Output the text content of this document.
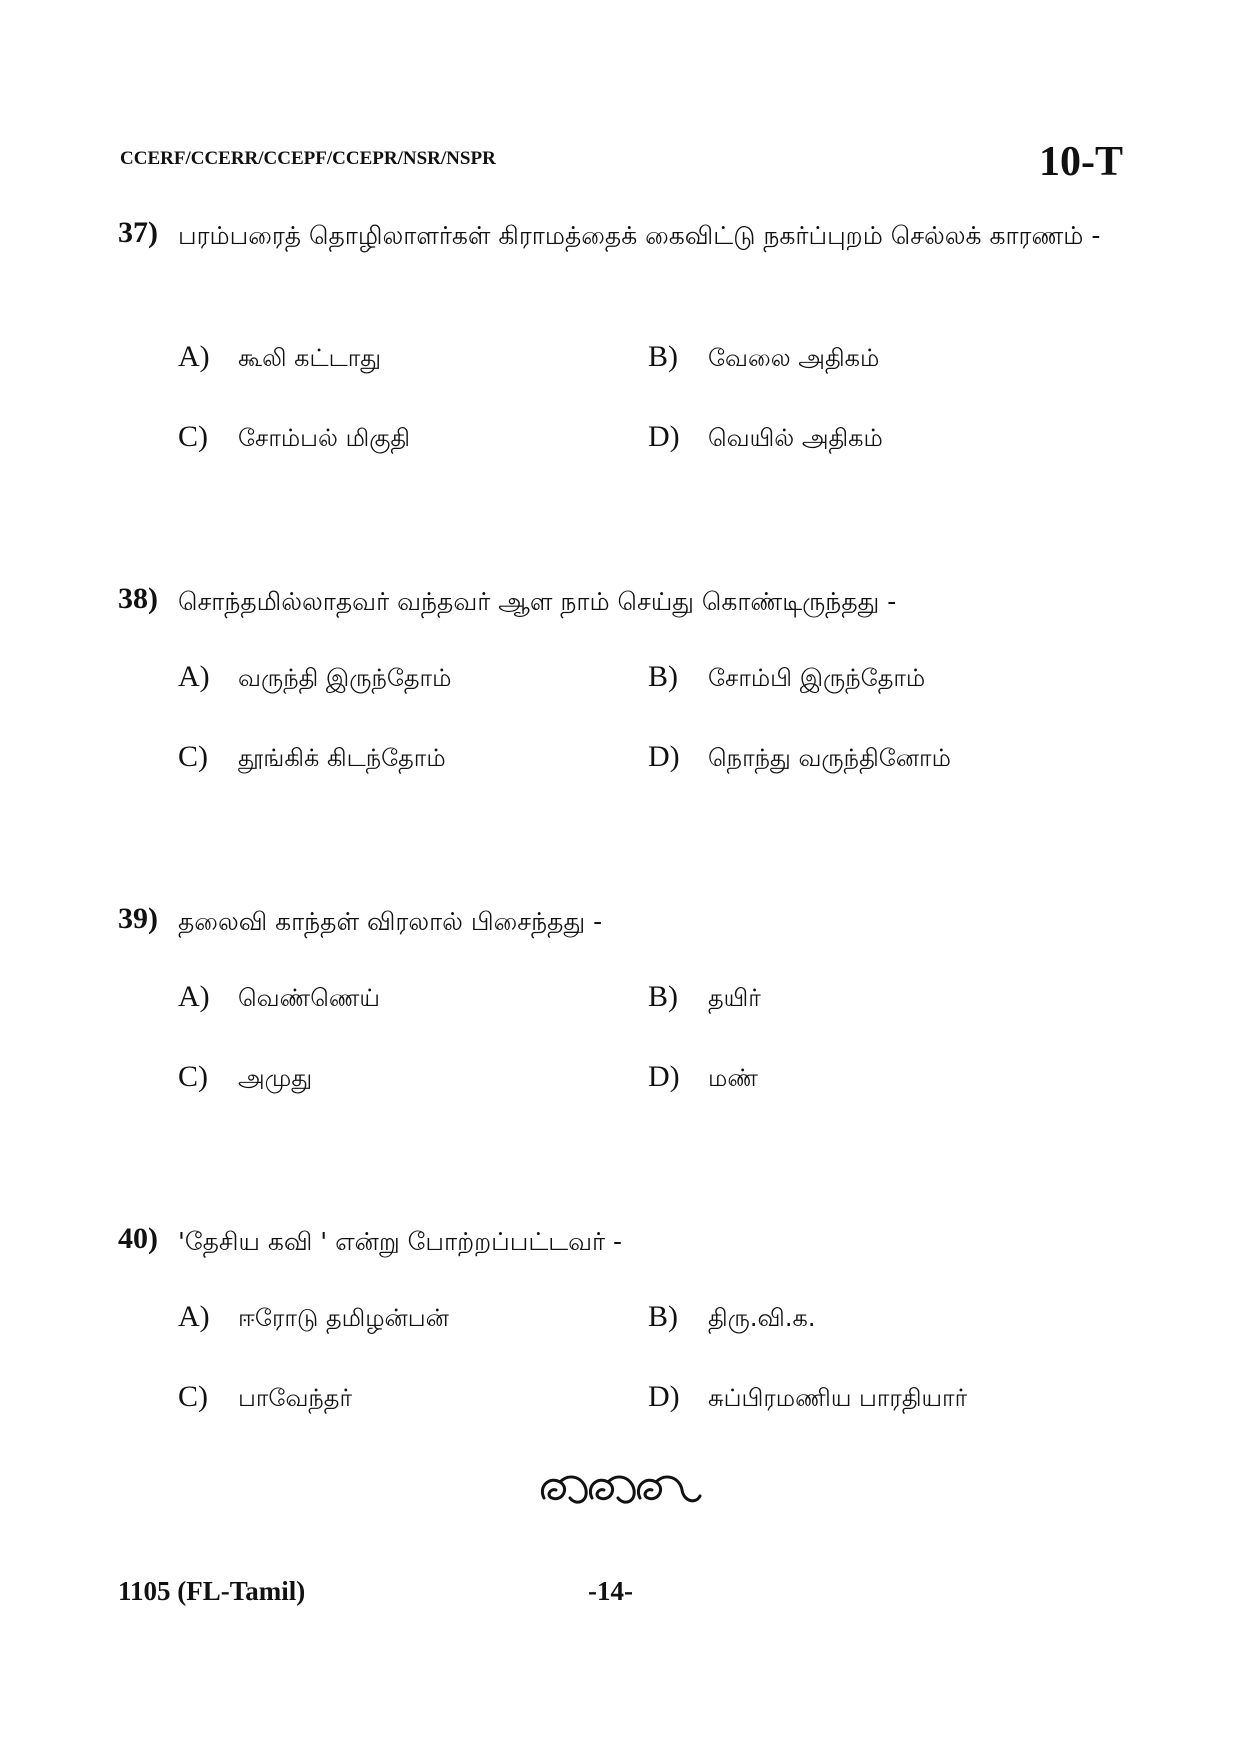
CCERF/CCERR/CCEPF/CCEPR/NSR/NSPR	10-T
37) பரம்பரைத் தொழிலாளர்கள் கிராமத்தைக் கைவிட்டு நகர்ப்புறம் செல்லக் காரணம் -
A) கூலி கட்டாது	B) வேலை அதிகம்
C) சோம்பல் மிகுதி	D) வெயில் அதிகம்
38) சொந்தமில்லாதவர் வந்தவர் ஆள நாம் செய்து கொண்டிருந்தது -
A) வருந்தி இருந்தோம்	B) சோம்பி இருந்தோம்
C) தூங்கிக் கிடந்தோம்	D) நொந்து வருந்தினோம்
39) தலைவி காந்தள் விரலால் பிசைந்தது -
A) வெண்ணெய்	B) தயிர்
C) அமுது	D) மண்
40) 'தேசிய கவி ' என்று போற்றப்பட்டவர் -
A) ஈரோடு தமிழன்பன்	B) திரு.வி.க.
C) பாவேந்தர்	D) சுப்பிரமணிய பாரதியார்
1105 (FL-Tamil)	-14-
